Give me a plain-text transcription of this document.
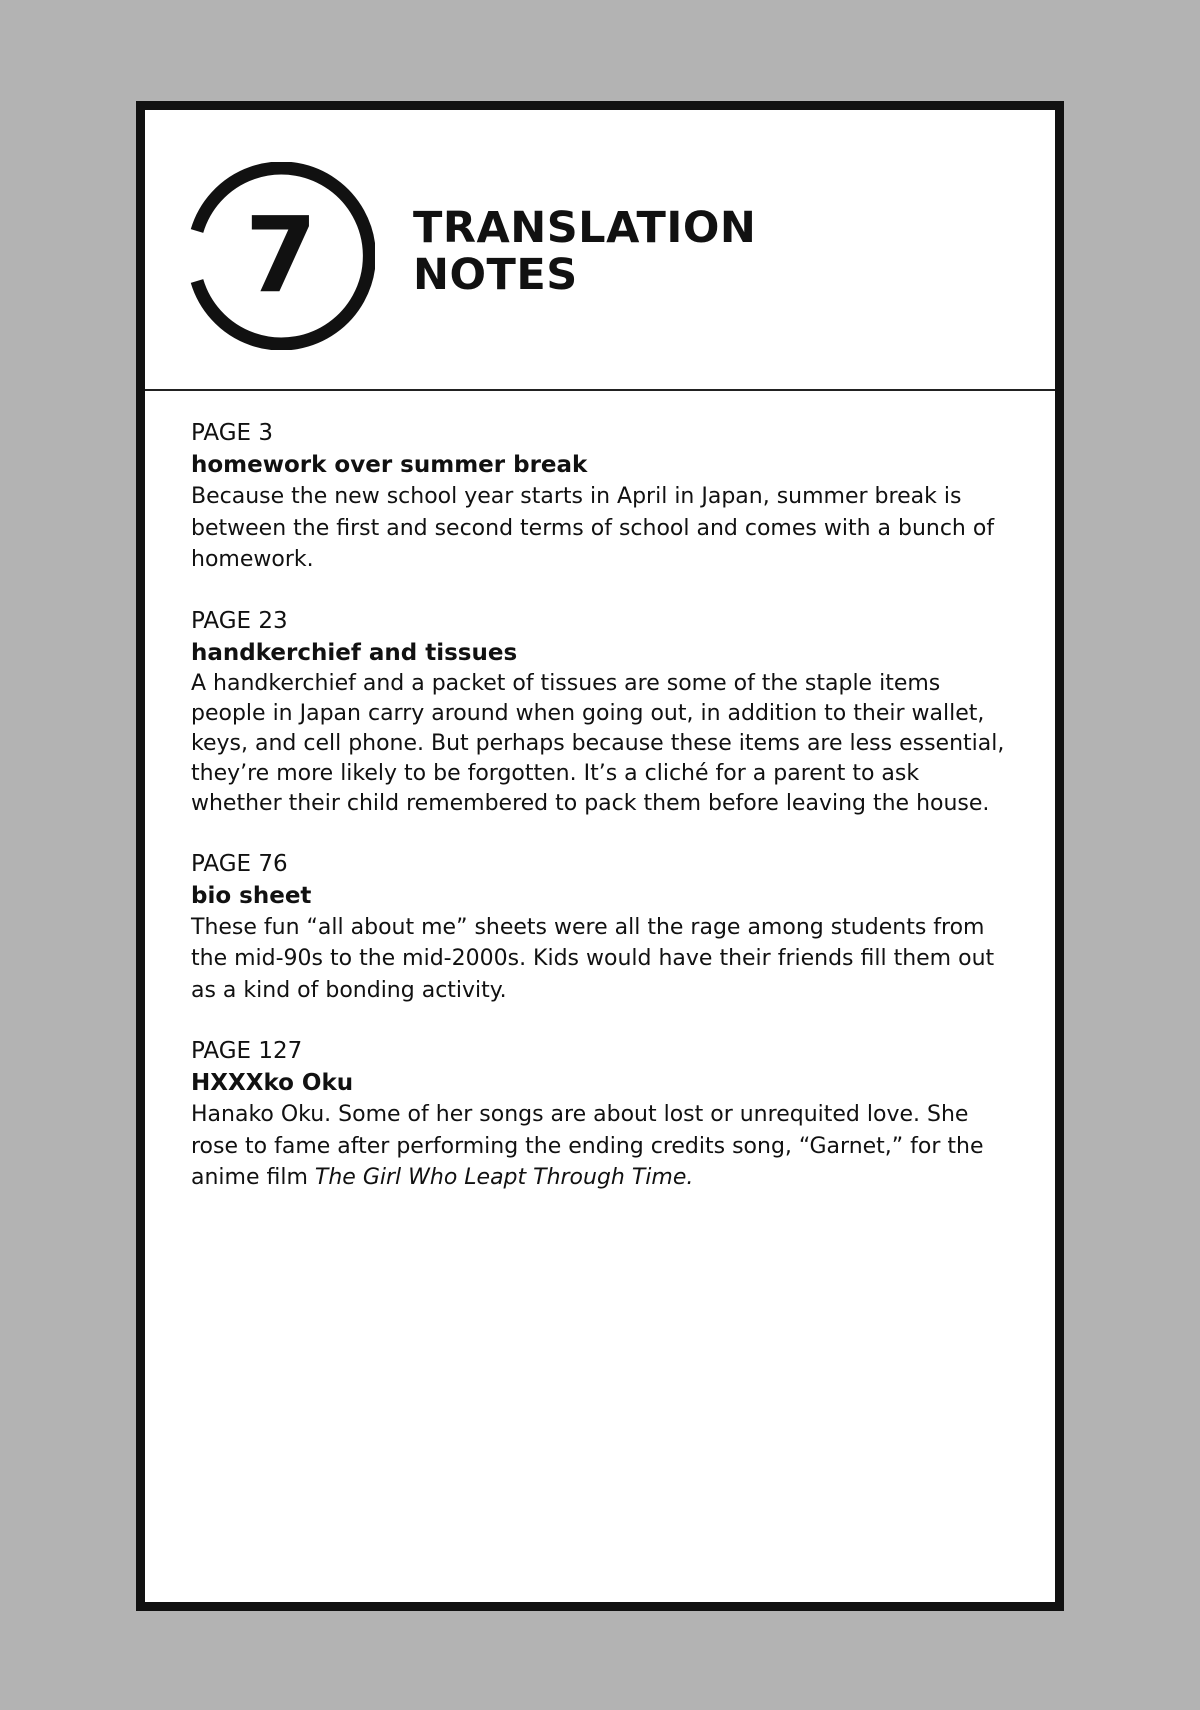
7 TRANSLATION
NOTES
PAGE 3
homework over summer break

Because the new school year starts in April in Japan, summer break is between the first and second terms of school and comes with a bunch of homework.

PAGE 23
handkerchief and tissues

A handkerchief and a packet of tissues are some of the staple items people in Japan carry around when going out, in addition to their wallet, keys, and cell phone. But perhaps because these items are less essential, they’re more likely to be forgotten. It’s a cliché for a parent to ask whether their child remembered to pack them before leaving the house.

PAGE 76
bio sheet

These fun “all about me” sheets were all the rage among students from the mid-90s to the mid-2000s. Kids would have their friends fill them out as a kind of bonding activity.

PAGE 127
HXXXko Oku

Hanako Oku. Some of her songs are about lost or unrequited love. She rose to fame after performing the ending credits song, “Garnet,” for the anime film The Girl Who Leapt Through Time.
